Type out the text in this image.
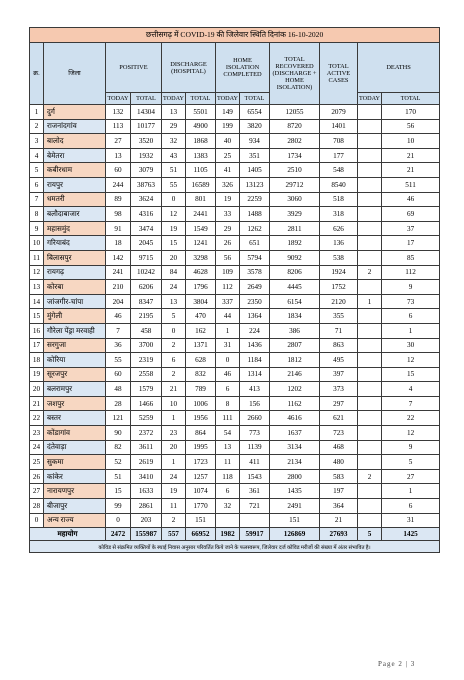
छत्तीसगढ़ में COVID-19 की जिलेवार स्थिति दिनांक 16-10-2020											
क्र.	जिला	POSITIVE		DISCHARGE (HOSPITAL)		HOME ISOLATION COMPLETED		TOTAL RECOVERED (DISCHARGE + HOME ISOLATION)	TOTAL ACTIVE CASES	DEATHS	
		TODAY	TOTAL	TODAY	TOTAL	TODAY	TOTAL			TODAY	TOTAL
1	दुर्ग	132	14304	13	5501	149	6554	12055	2079		170
2	राजनांदगांव	113	10177	29	4900	199	3820	8720	1401		56
3	बालोद	27	3520	32	1868	40	934	2802	708		10
4	बेमेतरा	13	1932	43	1383	25	351	1734	177		21
5	कबीरधाम	60	3079	51	1105	41	1405	2510	548		21
6	रायपुर	244	38763	55	16589	326	13123	29712	8540		511
7	धमतरी	89	3624	0	801	19	2259	3060	518		46
8	बलौदाबाजार	98	4316	12	2441	33	1488	3929	318		69
9	महासमुंद	91	3474	19	1549	29	1262	2811	626		37
10	गरियाबंद	18	2045	15	1241	26	651	1892	136		17
11	बिलासपुर	142	9715	20	3298	56	5794	9092	538		85
12	रायगढ़	241	10242	84	4628	109	3578	8206	1924	2	112
13	कोरबा	210	6206	24	1796	112	2649	4445	1752		9
14	जांजगीर-चांपा	204	8347	13	3804	337	2350	6154	2120	1	73
15	मुंगेली	46	2195	5	470	44	1364	1834	355		6
16	गौरेला पेंड्रा मरवाही	7	458	0	162	1	224	386	71		1
17	सरगुजा	36	3700	2	1371	31	1436	2807	863		30
18	कोरिया	55	2319	6	628	0	1184	1812	495		12
19	सूरजपुर	60	2558	2	832	46	1314	2146	397		15
20	बलरामपुर	48	1579	21	789	6	413	1202	373		4
21	जशपुर	28	1466	10	1006	8	156	1162	297		7
22	बस्तर	121	5259	1	1956	111	2660	4616	621		22
23	कोंडागांव	90	2372	23	864	54	773	1637	723		12
24	दंतेवाड़ा	82	3611	20	1995	13	1139	3134	468		9
25	सुकमा	52	2619	1	1723	11	411	2134	480		5
26	कांकेर	51	3410	24	1257	118	1543	2800	583	2	27
27	नारायणपुर	15	1633	19	1074	6	361	1435	197		1
28	बीजापुर	99	2861	11	1770	32	721	2491	364		6
0	अन्य राज्य	0	203	2	151			151	21		31
महायोग		2472	155987	557	66952	1982	59917	126869	27693	5	1425
कोविड से संक्रमित व्यक्तियों के स्थाई निवास अनुसार परिवर्तित किये जाने के फलस्वरूप, जिलेवार दर्ज कोविड मरीजों की संख्या में अंतर संभावित है।											
Page 2 | 3
